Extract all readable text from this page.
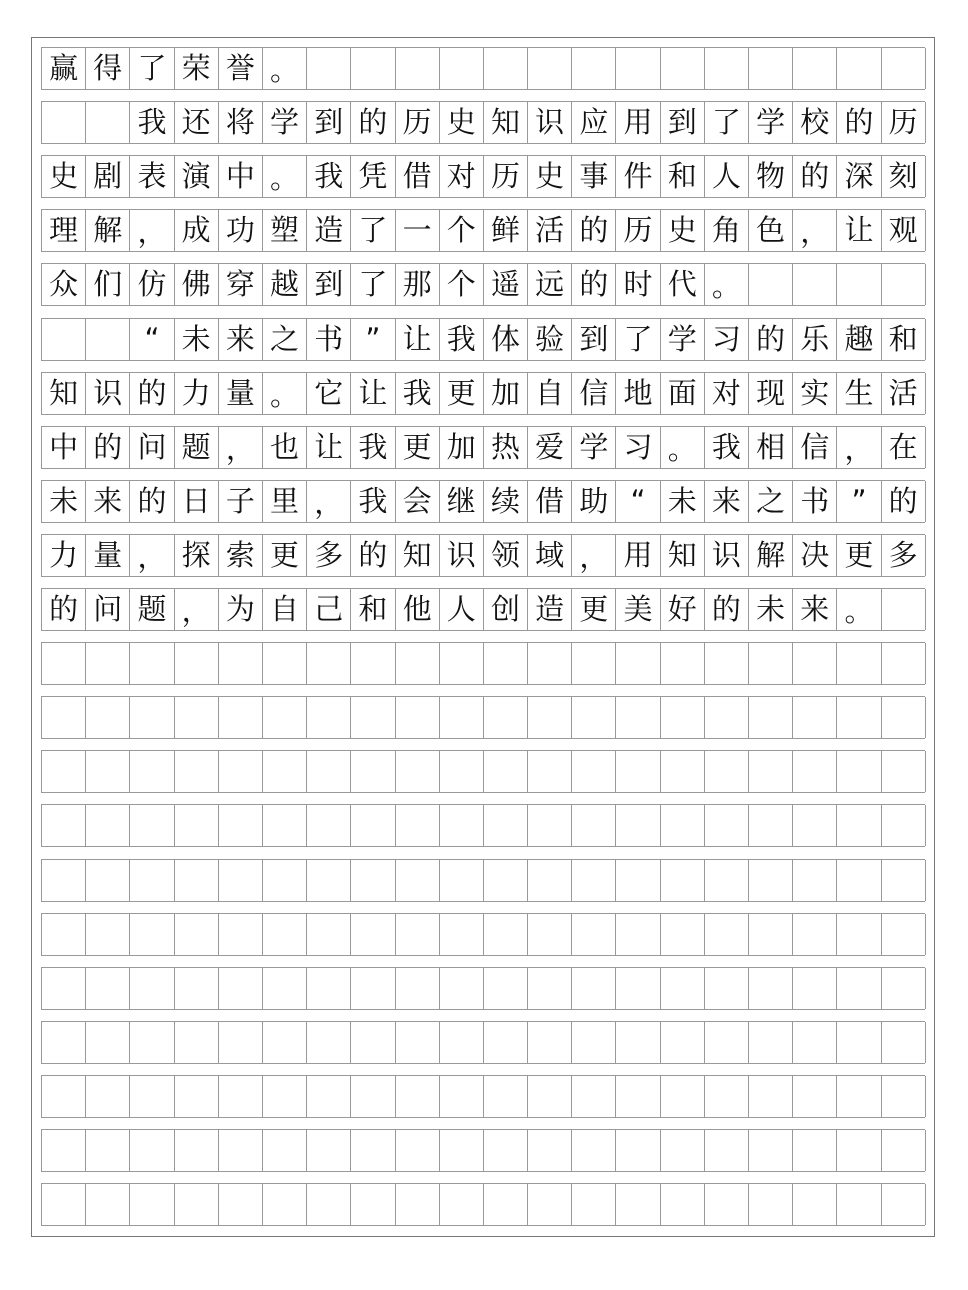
赢 得 了 荣 誉 。
我 还 将 学 到 的 历 史 知 识 应 用 到 了 学 校 的 历
史 剧 表 演 中 。 我 凭 借 对 历 史 事 件 和 人 物 的 深 刻
理 解 ， 成 功 塑 造 了 一 个 鲜 活 的 历 史 角 色 ， 让 观
众 们 仿 佛 穿 越 到 了 那 个 遥 远 的 时 代 。
“ 未 来 之 书 ” 让 我 体 验 到 了 学 习 的 乐 趣 和
知 识 的 力 量 。 它 让 我 更 加 自 信 地 面 对 现 实 生 活
中 的 问 题 ， 也 让 我 更 加 热 爱 学 习 。 我 相 信 ， 在
未 来 的 日 子 里 ， 我 会 继 续 借 助 “ 未 来 之 书 ” 的
力 量 ， 探 索 更 多 的 知 识 领 域 ， 用 知 识 解 决 更 多
的 问 题 ， 为 自 己 和 他 人 创 造 更 美 好 的 未 来 。
